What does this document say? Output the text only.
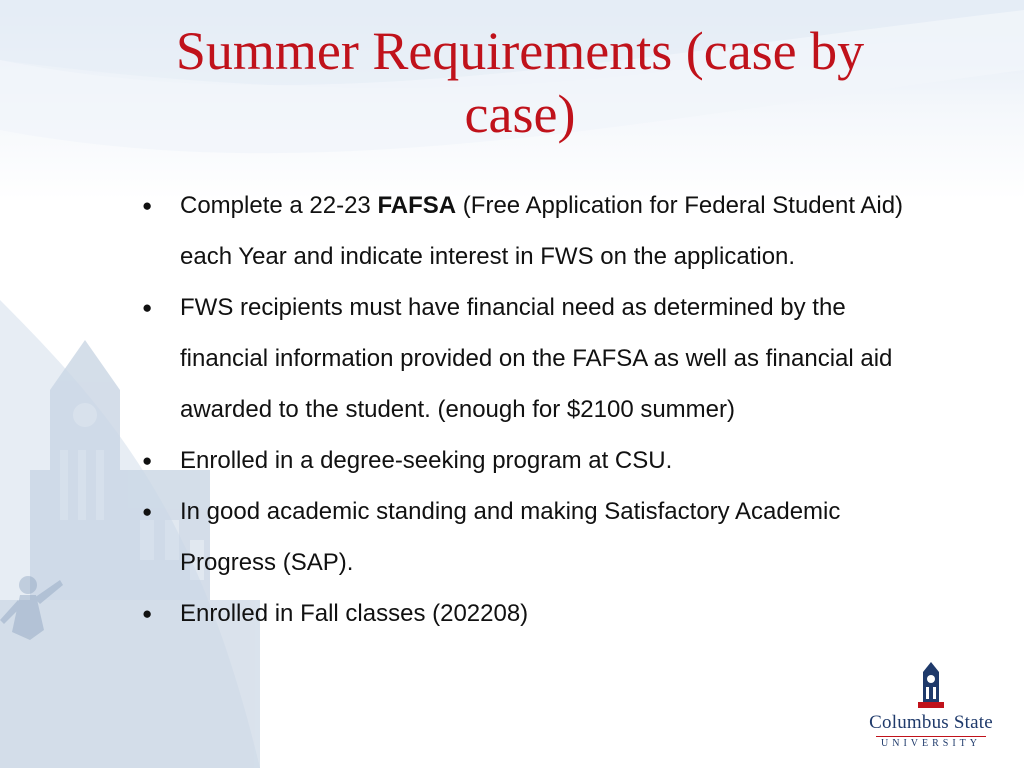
Summer Requirements (case by case)
● Complete a 22-23 FAFSA (Free Application for Federal Student Aid) each Year and indicate interest in FWS on the application.
● FWS recipients must have financial need as determined by the financial information provided on the FAFSA as well as financial aid awarded to the student. (enough for $2100 summer)
● Enrolled in a degree-seeking program at CSU.
● In good academic standing and making Satisfactory Academic Progress (SAP).
● Enrolled in Fall classes (202208)
Columbus State
UNIVERSITY
